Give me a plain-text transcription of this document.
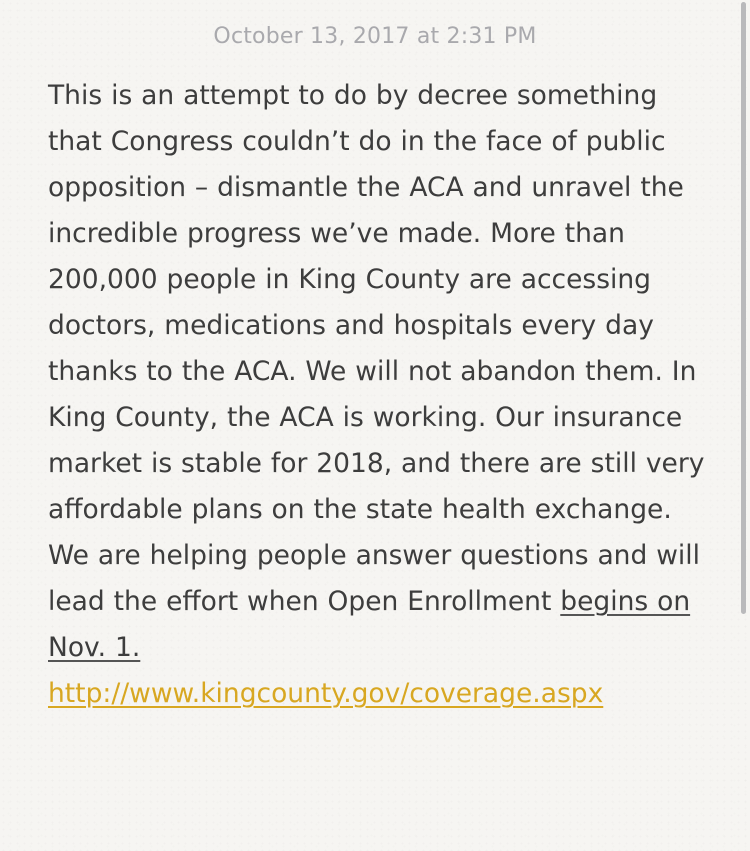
October 13, 2017 at 2:31 PM
This is an attempt to do by decree something that Congress couldn’t do in the face of public opposition – dismantle the ACA and unravel the incredible progress we’ve made. More than 200,000 people in King County are accessing doctors, medications and hospitals every day thanks to the ACA. We will not abandon them. In King County, the ACA is working. Our insurance market is stable for 2018, and there are still very affordable plans on the state health exchange. We are helping people answer questions and will lead the effort when Open Enrollment begins on Nov. 1.
http://www.kingcounty.gov/coverage.aspx
